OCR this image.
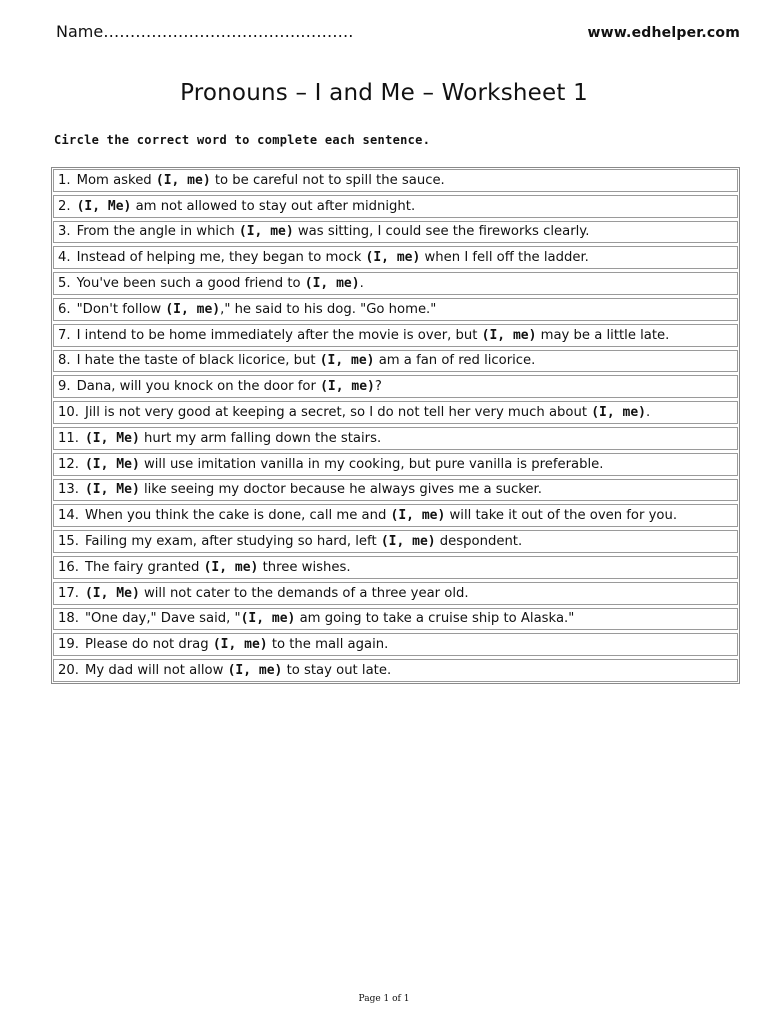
Name……………………………….……….	www.edhelper.com
Pronouns – I and Me – Worksheet 1
Circle the correct word to complete each sentence.
1. Mom asked (I, me) to be careful not to spill the sauce.
2. (I, Me) am not allowed to stay out after midnight.
3. From the angle in which (I, me) was sitting, I could see the fireworks clearly.
4. Instead of helping me, they began to mock (I, me) when I fell off the ladder.
5. You've been such a good friend to (I, me) .
6. "Don't follow (I, me) ," he said to his dog. "Go home."
7. I intend to be home immediately after the movie is over, but (I, me) may be a little late.
8. I hate the taste of black licorice, but (I, me) am a fan of red licorice.
9. Dana, will you knock on the door for (I, me) ?
10. Jill is not very good at keeping a secret, so I do not tell her very much about (I, me) .
11. (I, Me) hurt my arm falling down the stairs.
12. (I, Me) will use imitation vanilla in my cooking, but pure vanilla is preferable.
13. (I, Me) like seeing my doctor because he always gives me a sucker.
14. When you think the cake is done, call me and (I, me) will take it out of the oven for you.
15. Failing my exam, after studying so hard, left (I, me) despondent.
16. The fairy granted (I, me) three wishes.
17. (I, Me) will not cater to the demands of a three year old.
18. "One day," Dave said, " (I, me) am going to take a cruise ship to Alaska."
19. Please do not drag (I, me) to the mall again.
20. My dad will not allow (I, me) to stay out late.
Page 1 of 1
